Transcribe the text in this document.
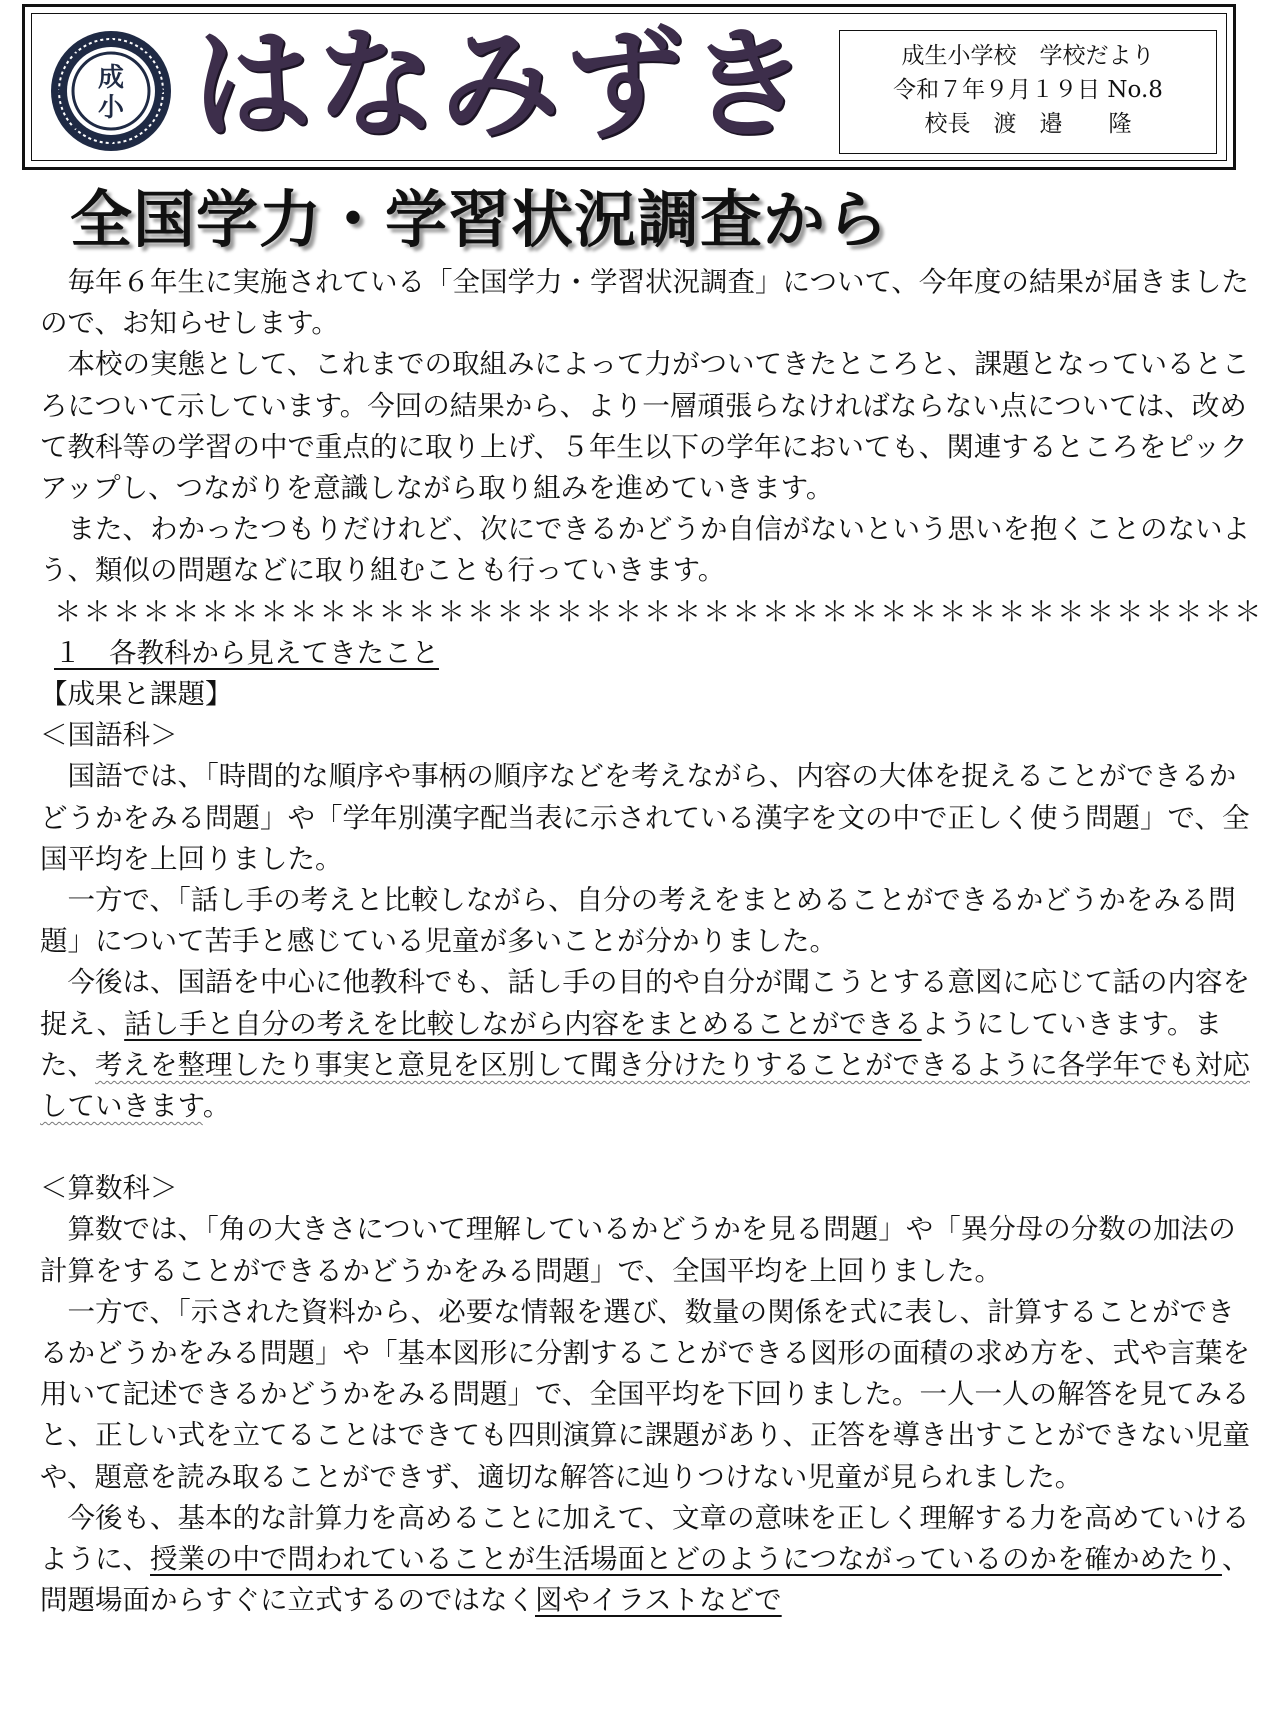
成
小 はなみずき	成生小学校　学校だより
令和７年９月１９日 No.8
校長　渡　邉　　隆
全国学力・学習状況調査から

毎年６年生に実施されている「全国学力・学習状況調査」について、今年度の結果が届きましたので、お知らせします。

本校の実態として、これまでの取組みによって力がついてきたところと、課題となっているところについて示しています。今回の結果から、より一層頑張らなければならない点については、改めて教科等の学習の中で重点的に取り上げ、５年生以下の学年においても、関連するところをピックアップし、つながりを意識しながら取り組みを進めていきます。

また、わかったつもりだけれど、次にできるかどうか自信がないという思いを抱くことのないよう、類似の問題などに取り組むことも行っていきます。

＊＊＊＊＊＊＊＊＊＊＊＊＊＊＊＊＊＊＊＊＊＊＊＊＊＊＊＊＊＊＊＊＊＊＊＊＊＊＊＊＊
１　各教科から見えてきたこと
【成果と課題】
＜国語科＞

国語では、「時間的な順序や事柄の順序などを考えながら、内容の大体を捉えることができるかどうかをみる問題」や「学年別漢字配当表に示されている漢字を文の中で正しく使う問題」で、全国平均を上回りました。

一方で、「話し手の考えと比較しながら、自分の考えをまとめることができるかどうかをみる問題」について苦手と感じている児童が多いことが分かりました。

今後は、国語を中心に他教科でも、話し手の目的や自分が聞こうとする意図に応じて話の内容を捉え、話し手と自分の考えを比較しながら内容をまとめることができるようにしていきます。また、考えを整理したり事実と意見を区別して聞き分けたりすることができるように各学年でも対応していきます。

＜算数科＞

算数では、「角の大きさについて理解しているかどうかを見る問題」や「異分母の分数の加法の計算をすることができるかどうかをみる問題」で、全国平均を上回りました。

一方で、「示された資料から、必要な情報を選び、数量の関係を式に表し、計算することができるかどうかをみる問題」や「基本図形に分割することができる図形の面積の求め方を、式や言葉を用いて記述できるかどうかをみる問題」で、全国平均を下回りました。一人一人の解答を見てみると、正しい式を立てることはできても四則演算に課題があり、正答を導き出すことができない児童や、題意を読み取ることができず、適切な解答に辿りつけない児童が見られました。

今後も、基本的な計算力を高めることに加えて、文章の意味を正しく理解する力を高めていけるように、授業の中で問われていることが生活場面とどのようにつながっているのかを確かめたり、問題場面からすぐに立式するのではなく図やイラストなどで
